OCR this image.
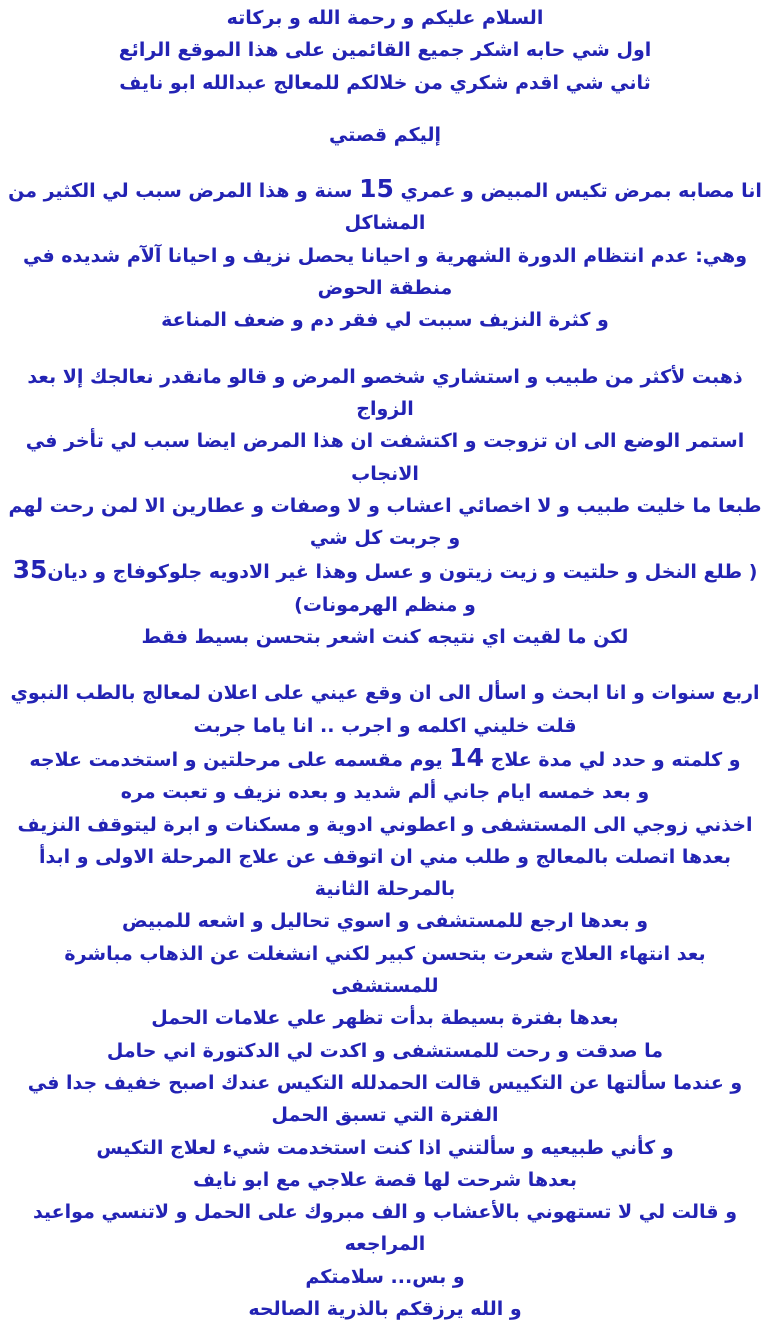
السلام عليكم و رحمة الله و بركاته
اول شي حابه اشكر جميع القائمين على هذا الموقع الرائع
ثاني شي اقدم شكري من خلالكم للمعالج عبدالله ابو نايف
إليكم قصتي
انا مصابه بمرض تكيس المبيض و عمري 15 سنة و هذا المرض سبب لي الكثير من المشاكل
وهي: عدم انتظام الدورة الشهرية و احيانا يحصل نزيف و احيانا آلآم شديده في منطقة الحوض
و كثرة النزيف سببت لي فقر دم و ضعف المناعة
ذهبت لأكثر من طبيب و استشاري شخصو المرض و قالو مانقدر نعالجك إلا بعد الزواج
استمر الوضع الى ان تزوجت و اكتشفت ان هذا المرض ايضا سبب لي تأخر في الانجاب
طبعا ما خليت طبيب و لا اخصائي اعشاب و لا وصفات و عطارين الا لمن رحت لهم و جربت كل شي
( طلع النخل و حلتيت و زيت زيتون و عسل وهذا غير الادويه جلوكوفاج و ديان35 و منظم الهرمونات)
لكن ما لقيت اي نتيجه كنت اشعر بتحسن بسيط فقط
اربع سنوات و انا ابحث و اسأل الى ان وقع عيني على اعلان لمعالج بالطب النبوي
قلت خليني اكلمه و اجرب .. انا ياما جربت
و كلمته و حدد لي مدة علاج 14 يوم مقسمه على مرحلتين و استخدمت علاجه
و بعد خمسه ايام جاني ألم شديد و بعده نزيف و تعبت مره
اخذني زوجي الى المستشفى و اعطوني ادوية و مسكنات و ابرة ليتوقف النزيف
بعدها اتصلت بالمعالج و طلب مني ان اتوقف عن علاج المرحلة الاولى و ابدأ بالمرحلة الثانية
و بعدها ارجع للمستشفى و اسوي تحاليل و اشعه للمبيض
بعد انتهاء العلاج شعرت بتحسن كبير لكني انشغلت عن الذهاب مباشرة للمستشفى
بعدها بفترة بسيطة بدأت تظهر علي علامات الحمل
ما صدقت و رحت للمستشفى و اكدت لي الدكتورة اني حامل
و عندما سألتها عن التكييس قالت الحمدلله التكيس عندك اصبح خفيف جدا في الفترة التي تسبق الحمل
و كأني طبيعيه و سألتني اذا كنت استخدمت شيء لعلاج التكيس
بعدها شرحت لها قصة علاجي مع ابو نايف
و قالت لي لا تستهوني بالأعشاب و الف مبروك على الحمل و لاتنسي مواعيد المراجعه
و بس... سلامتكم
و الله يرزقكم بالذرية الصالحه
